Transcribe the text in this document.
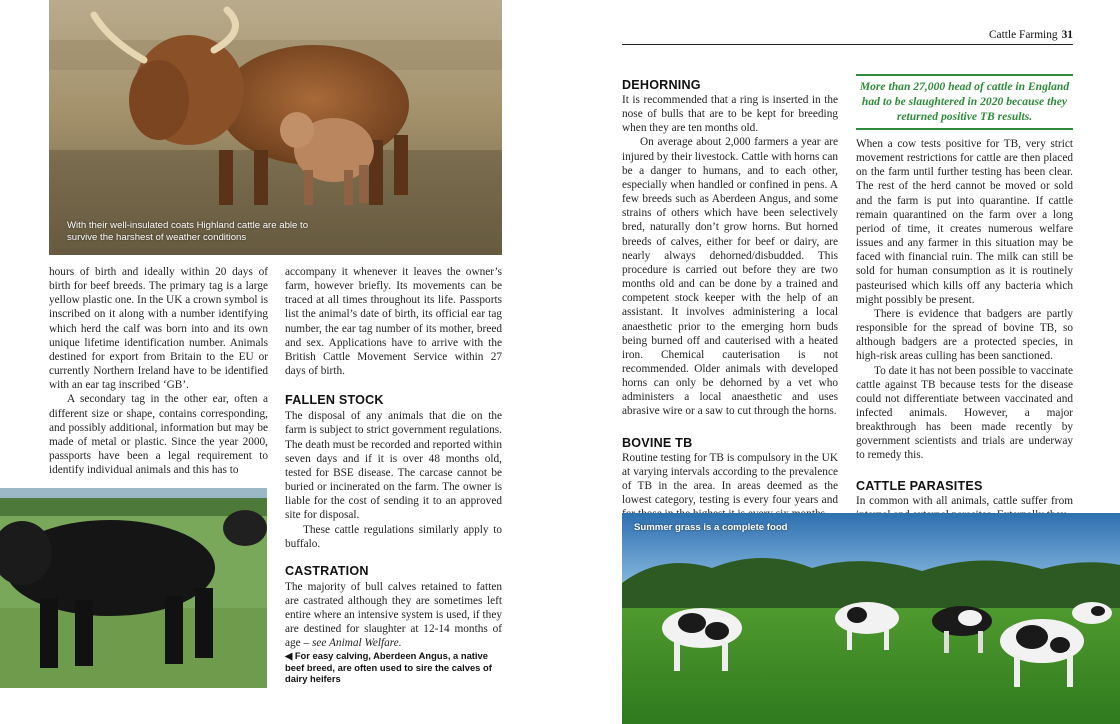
With their well-insulated coats Highland cattle are able to survive the harshest of weather conditions
◀ For easy calving, Aberdeen Angus, a native beef breed, are often used to sire the calves of dairy heifers

hours of birth and ideally within 20 days of birth for beef breeds. The primary tag is a large yellow plastic one. In the UK a crown symbol is inscribed on it along with a number identifying which herd the calf was born into and its own unique lifetime identification number. Animals destined for export from Britain to the EU or currently Northern Ireland have to be identified with an ear tag inscribed ‘GB’.

A secondary tag in the other ear, often a different size or shape, contains corresponding, and possibly additional, information but may be made of metal or plastic. Since the year 2000, passports have been a legal requirement to identify individual animals and this has to

accompany it whenever it leaves the owner’s farm, however briefly. Its movements can be traced at all times throughout its life. Passports list the animal’s date of birth, its official ear tag number, the ear tag number of its mother, breed and sex. Applications have to arrive with the British Cattle Movement Service within 27 days of birth.
FALLEN STOCK

The disposal of any animals that die on the farm is subject to strict government regulations. The death must be recorded and reported within seven days and if it is over 48 months old, tested for BSE disease. The carcase cannot be buried or incinerated on the farm. The owner is liable for the cost of sending it to an approved site for disposal.

These cattle regulations similarly apply to buffalo.

CASTRATION

The majority of bull calves retained to fatten are castrated although they are sometimes left entire where an intensive system is used, if they are destined for slaughter at 12-14 months of age – see Animal Welfare.

Cattle Farming 31
DEHORNING

It is recommended that a ring is inserted in the nose of bulls that are to be kept for breeding when they are ten months old.

On average about 2,000 farmers a year are injured by their livestock. Cattle with horns can be a danger to humans, and to each other, especially when handled or confined in pens. A few breeds such as Aberdeen Angus, and some strains of others which have been selectively bred, naturally don’t grow horns. But horned breeds of calves, either for beef or dairy, are nearly always dehorned/disbudded. This procedure is carried out before they are two months old and can be done by a trained and competent stock keeper with the help of an assistant. It involves administering a local anaesthetic prior to the emerging horn buds being burned off and cauterised with a heated iron. Chemical cauterisation is not recommended. Older animals with developed horns can only be dehorned by a vet who administers a local anaesthetic and uses abrasive wire or a saw to cut through the horns.

BOVINE TB

Routine testing for TB is compulsory in the UK at varying intervals according to the prevalence of TB in the area. In areas deemed as the lowest category, testing is every four years and

More than 27,000 head of cattle in England had to be slaughtered in 2020 because they returned positive TB results.

When a cow tests positive for TB, very strict movement restrictions for cattle are then placed on the farm until further testing has been clear. The rest of the herd cannot be moved or sold and the farm is put into quarantine. If cattle remain quarantined on the farm over a long period of time, it creates numerous welfare issues and any farmer in this situation may be faced with financial ruin. The milk can still be sold for human consumption as it is routinely pasteurised which kills off any bacteria which might possibly be present.

There is evidence that badgers are partly responsible for the spread of bovine TB, so although badgers are a protected species, in high-risk areas culling has been sanctioned.

To date it has not been possible to vaccinate cattle against TB because tests for the disease could not differentiate between vaccinated and infected animals. However, a major breakthrough has been made recently by government scientists and trials are underway to remedy this.

CATTLE PARASITES

In common with all animals, cattle suffer from

Summer grass is a complete food
